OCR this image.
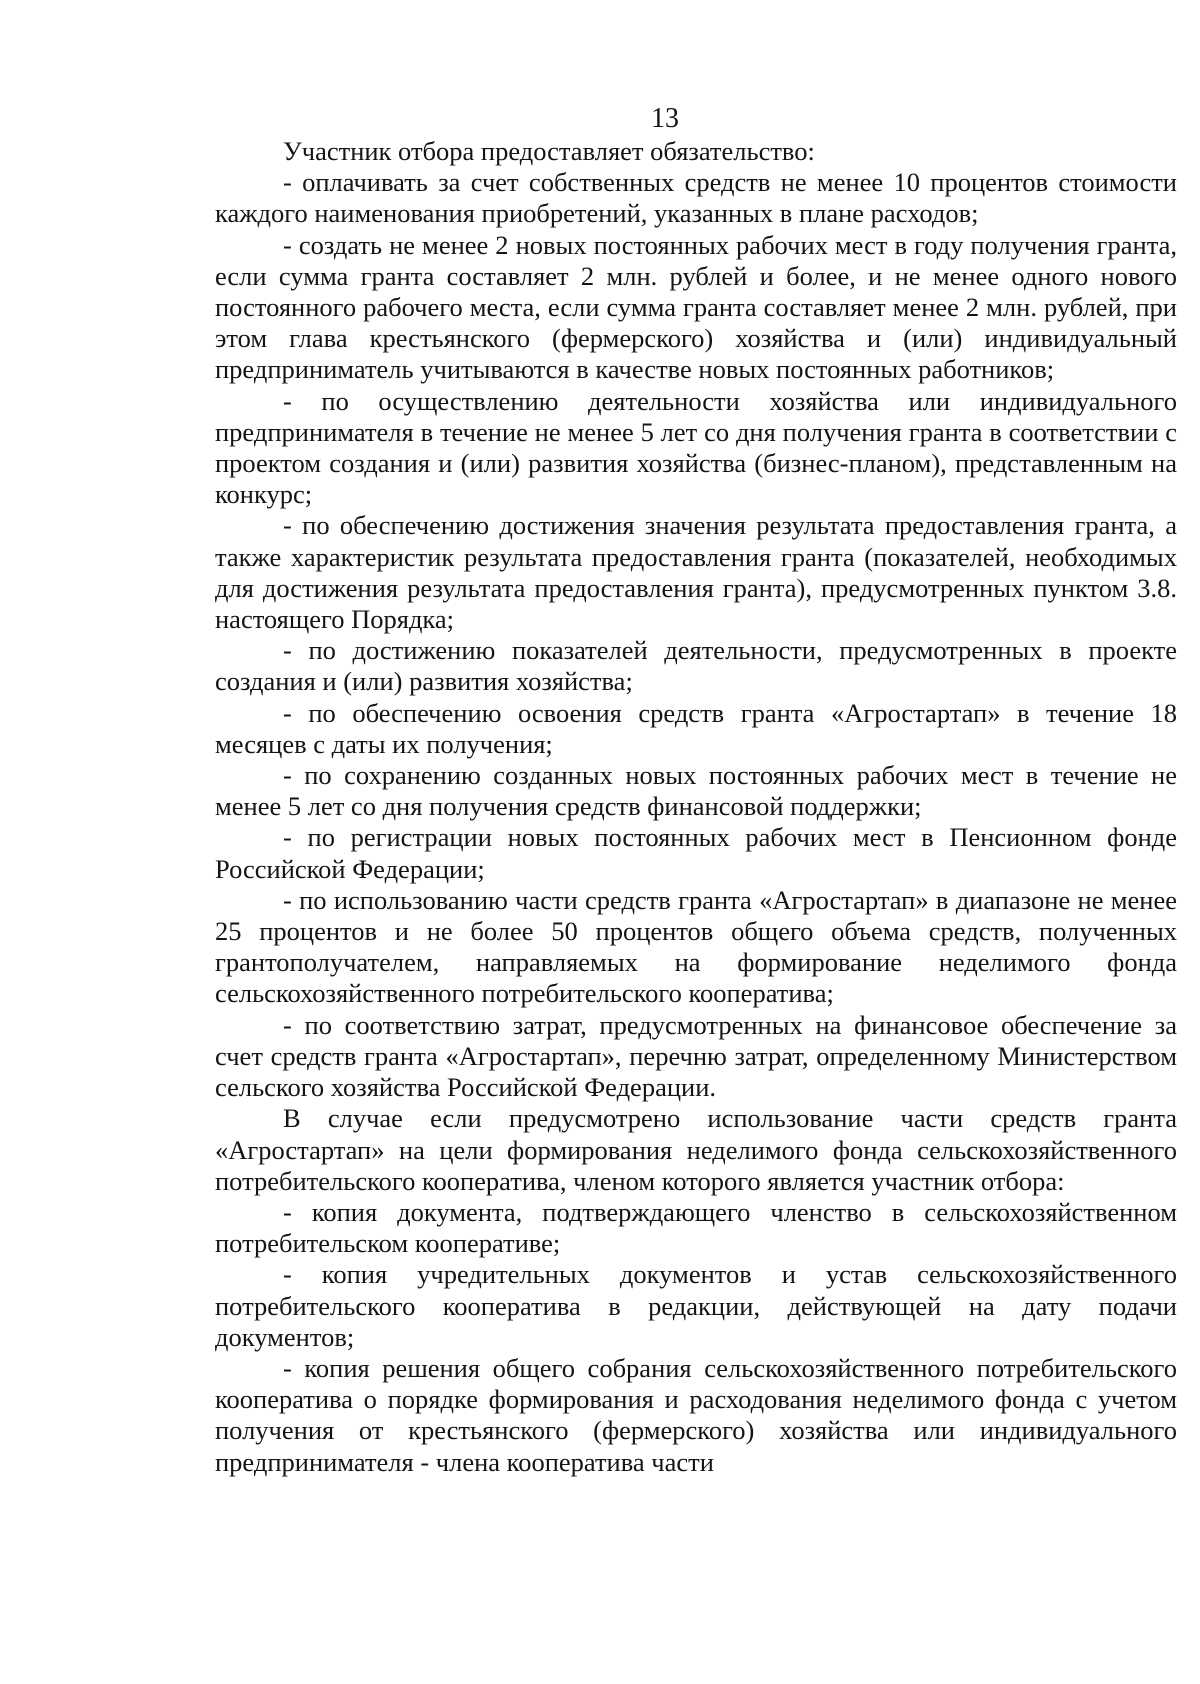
13

Участник отбора предоставляет обязательство:

- оплачивать за счет собственных средств не менее 10 процентов стоимости каждого наименования приобретений, указанных в плане расходов;

- создать не менее 2 новых постоянных рабочих мест в году получения гранта, если сумма гранта составляет 2 млн. рублей и более, и не менее одного нового постоянного рабочего места, если сумма гранта составляет менее 2 млн. рублей, при этом глава крестьянского (фермерского) хозяйства и (или) индивидуальный предприниматель учитываются в качестве новых постоянных работников;

- по осуществлению деятельности хозяйства или индивидуального предпринимателя в течение не менее 5 лет со дня получения гранта в соответствии с проектом создания и (или) развития хозяйства (бизнес-планом), представленным на конкурс;

- по обеспечению достижения значения результата предоставления гранта, а также характеристик результата предоставления гранта (показателей, необходимых для достижения результата предоставления гранта), предусмотренных пунктом 3.8. настоящего Порядка;

- по достижению показателей деятельности, предусмотренных в проекте создания и (или) развития хозяйства;

- по обеспечению освоения средств гранта «Агростартап» в течение 18 месяцев с даты их получения;

- по сохранению созданных новых постоянных рабочих мест в течение не менее 5 лет со дня получения средств финансовой поддержки;

- по регистрации новых постоянных рабочих мест в Пенсионном фонде Российской Федерации;

- по использованию части средств гранта «Агростартап» в диапазоне не менее 25 процентов и не более 50 процентов общего объема средств, полученных грантополучателем, направляемых на формирование неделимого фонда сельскохозяйственного потребительского кооператива;

- по соответствию затрат, предусмотренных на финансовое обеспечение за счет средств гранта «Агростартап», перечню затрат, определенному Министерством сельского хозяйства Российской Федерации.

В случае если предусмотрено использование части средств гранта «Агростартап» на цели формирования неделимого фонда сельскохозяйственного потребительского кооператива, членом которого является участник отбора:

- копия документа, подтверждающего членство в сельскохозяйственном потребительском кооперативе;

- копия учредительных документов и устав сельскохозяйственного потребительского кооператива в редакции, действующей на дату подачи документов;

- копия решения общего собрания сельскохозяйственного потребительского кооператива о порядке формирования и расходования неделимого фонда с учетом получения от крестьянского (фермерского) хозяйства или индивидуального предпринимателя - члена кооператива части
